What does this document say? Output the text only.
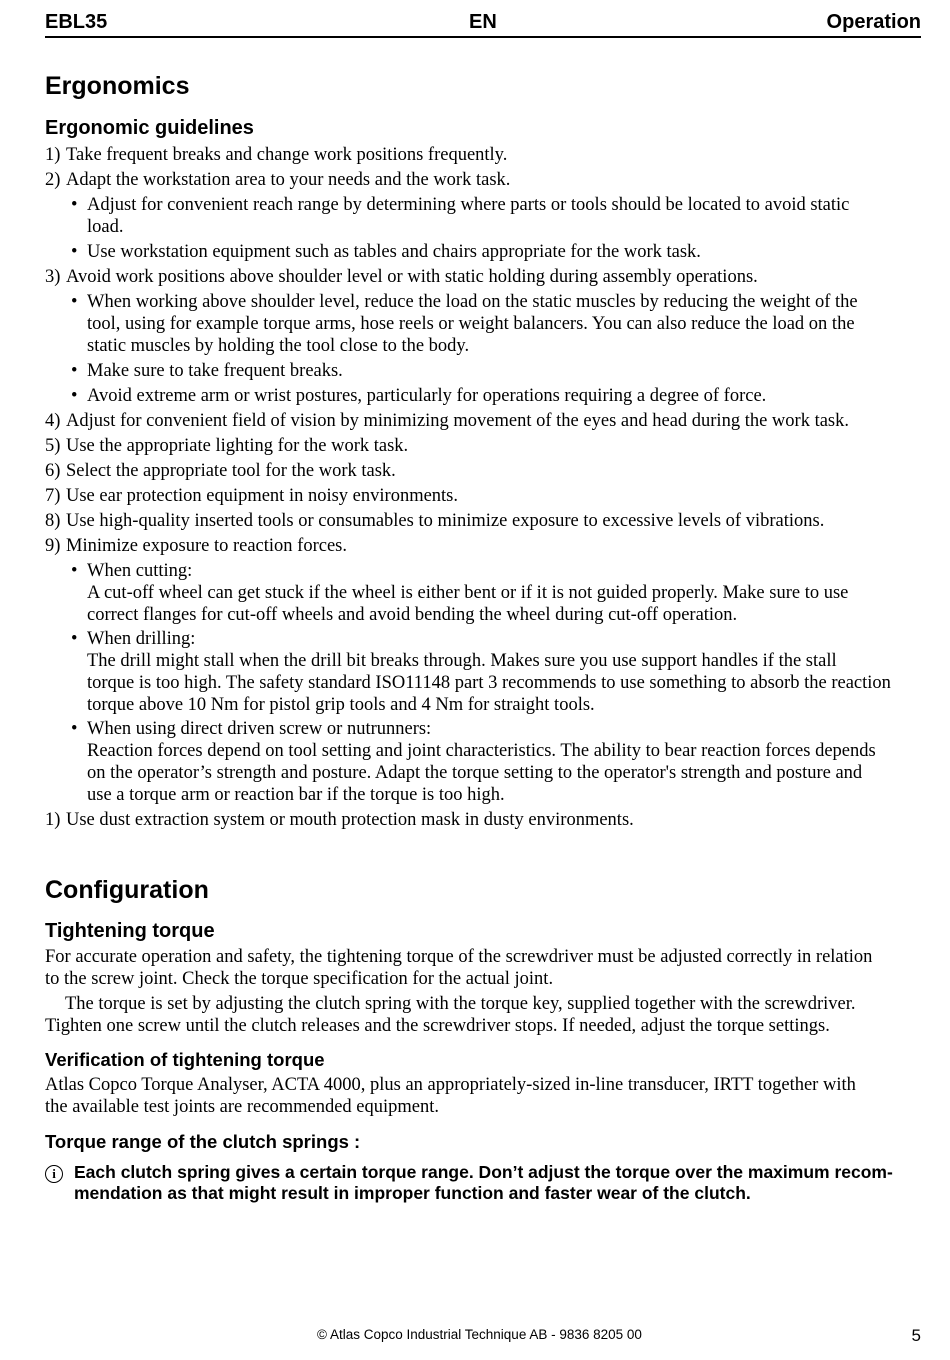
EBL35	EN	Operation
Ergonomics
Ergonomic guidelines
1) Take frequent breaks and change work positions frequently.
2) Adapt the workstation area to your needs and the work task.
• Adjust for convenient reach range by determining where parts or tools should be located to avoid static
load.
• Use workstation equipment such as tables and chairs appropriate for the work task.
3) Avoid work positions above shoulder level or with static holding during assembly operations.
• When working above shoulder level, reduce the load on the static muscles by reducing the weight of the
tool, using for example torque arms, hose reels or weight balancers. You can also reduce the load on the
static muscles by holding the tool close to the body.
• Make sure to take frequent breaks.
• Avoid extreme arm or wrist postures, particularly for operations requiring a degree of force.
4) Adjust for convenient field of vision by minimizing movement of the eyes and head during the work task.
5) Use the appropriate lighting for the work task.
6) Select the appropriate tool for the work task.
7) Use ear protection equipment in noisy environments.
8) Use high-quality inserted tools or consumables to minimize exposure to excessive levels of vibrations.
9) Minimize exposure to reaction forces.
• When cutting:
A cut-off wheel can get stuck if the wheel is either bent or if it is not guided properly. Make sure to use
correct flanges for cut-off wheels and avoid bending the wheel during cut-off operation.
• When drilling:
The drill might stall when the drill bit breaks through. Makes sure you use support handles if the stall
torque is too high. The safety standard ISO11148 part 3 recommends to use something to absorb the reaction
torque above 10 Nm for pistol grip tools and 4 Nm for straight tools.
• When using direct driven screw or nutrunners:
Reaction forces depend on tool setting and joint characteristics. The ability to bear reaction forces depends
on the operator’s strength and posture. Adapt the torque setting to the operator's strength and posture and
use a torque arm or reaction bar if the torque is too high.
1) Use dust extraction system or mouth protection mask in dusty environments.
Configuration
Tightening torque
For accurate operation and safety, the tightening torque of the screwdriver must be adjusted correctly in relation
to the screw joint. Check the torque specification for the actual joint.
The torque is set by adjusting the clutch spring with the torque key, supplied together with the screwdriver.
Tighten one screw until the clutch releases and the screwdriver stops. If needed, adjust the torque settings.
Verification of tightening torque
Atlas Copco Torque Analyser, ACTA 4000, plus an appropriately-sized in-line transducer, IRTT together with
the available test joints are recommended equipment.
Torque range of the clutch springs :
i	Each clutch spring gives a certain torque range. Don’t adjust the torque over the maximum recom-
mendation as that might result in improper function and faster wear of the clutch.
© Atlas Copco Industrial Technique AB - 9836 8205 00	5
